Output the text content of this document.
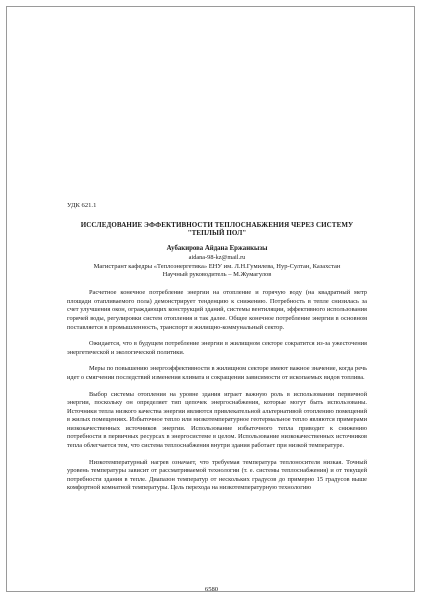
УДК 621.1

ИССЛЕДОВАНИЕ ЭФФЕКТИВНОСТИ ТЕПЛОСНАБЖЕНИЯ ЧЕРЕЗ СИСТЕМУ
"ТЕПЛЫЙ ПОЛ"

Аубакирова Айдана Ержанкызы

aidana-98-kz@mail.ru

Магистрант кафедры «Теплоэнергетика» ЕНУ им. Л.Н.Гумилева, Нур-Султан, Казахстан

Научный руководитель – М.Жумагулов

Расчетное конечное потребление энергии на отопление и горячую воду (на квадратный метр площади отапливаемого пола) демонстрирует тенденцию к снижению. Потребность в тепле снизилась за счет улучшения окон, ограждающих конструкций зданий, системы вентиляции, эффективного использования горячей воды, регулировки систем отопления и так далее. Общее конечное потребление энергии в основном поставляется в промышленность, транспорт и жилищно-коммунальный сектор.

Ожидается, что в будущем потребление энергии в жилищном секторе сократится из-за ужесточения энергетической и экологической политики.

Меры по повышению энергоэффективности в жилищном секторе имеют важное значение, когда речь идет о смягчении последствий изменения климата и сокращении зависимости от ископаемых видов топлива.

Выбор системы отопления на уровне здания играет важную роль в использовании первичной энергии, поскольку он определяет тип цепочек энергоснабжения, которые могут быть использованы. Источники тепла низкого качества энергии являются привлекательной альтернативой отоплению помещений в жилых помещениях. Избыточное тепло или низкотемпературное геотермальное тепло являются примерами низкокачественных источников энергии. Использование избыточного тепла приводит к снижению потребности в первичных ресурсах в энергосистеме в целом. Использование низкокачественных источников тепла облегчается тем, что система теплоснабжения внутри здания работает при низкой температуре.

Низкотемпературный нагрев означает, что требуемая температура теплоносителя низкая. Точный уровень температуры зависит от рассматриваемой технологии (т. е. системы теплоснабжения) и от текущей потребности здания в тепле. Диапазон температур от нескольких градусов до примерно 15 градусов выше комфортной комнатной температуры. Цель перехода на низкотемпературную технологию

6580
